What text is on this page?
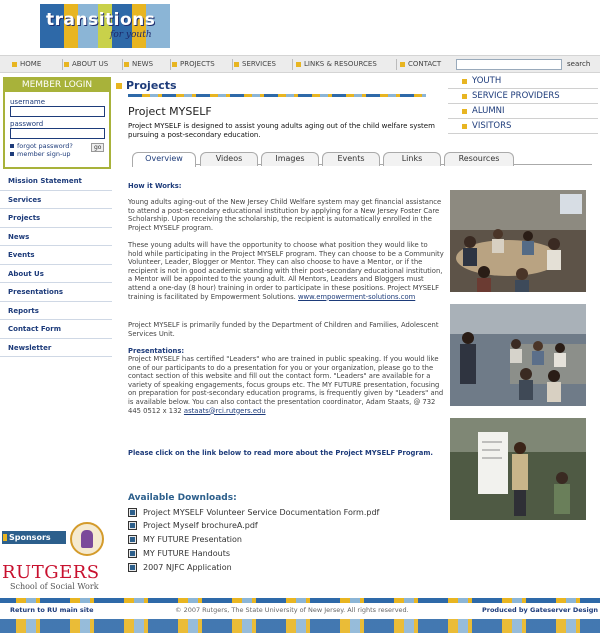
transitions
for youth
HOME	ABOUT US	NEWS	PROJECTS	SERVICES	LINKS & RESOURCES	CONTACT	search
MEMBER LOGIN
username
password
forgot password?
member sign-up
go
Mission Statement
Services
Projects
News
Events
About Us
Presentations
Reports
Contact Form
Newsletter
Sponsors
RUTGERS
School of Social Work
YOUTH
SERVICE PROVIDERS
ALUMNI
VISITORS
Projects
Project MYSELF
Project MYSELF is designed to assist young adults aging out of the child welfare system pursuing a post-secondary education.
Overview	Videos	Images	Events	Links	Resources
How it Works:
Young adults aging-out of the New Jersey Child Welfare system may get financial assistance to attend a post-secondary educational institution by applying for a New Jersey Foster Care Scholarship. Upon receiving the scholarship, the recipient is automatically enrolled in the Project MYSELF program.
These young adults will have the opportunity to choose what position they would like to hold while participating in the Project MYSELF program. They can choose to be a Community Volunteer, Leader, Blogger or Mentor. They can also choose to have a Mentor, or if the recipient is not in good academic standing with their post-secondary educational institution, a Mentor will be appointed to the young adult. All Mentors, Leaders and Bloggers must attend a one-day (8 hour) training in order to participate in these positions. Project MYSELF training is facilitated by Empowerment Solutions. www.empowerment-solutions.com
Project MYSELF is primarily funded by the Department of Children and Families, Adolescent Services Unit.
Presentations:
Project MYSELF has certified "Leaders" who are trained in public speaking. If you would like one of our participants to do a presentation for you or your organization, please go to the contact section of this website and fill out the contact form. "Leaders" are available for a variety of speaking engagements, focus groups etc. The MY FUTURE presentation, focusing on preparation for post-secondary education programs, is frequently given by "Leaders" and is available below. You can also contact the presentation coordinator, Adam Staats, @ 732 445 0512 x 132 astaats@rci.rutgers.edu
Please click on the link below to read more about the Project MYSELF Program.
Available Downloads:
Project MYSELF Volunteer Service Documentation Form.pdf
Project Myself brochureA.pdf
MY FUTURE Presentation
MY FUTURE Handouts
2007 NJFC Application
Return to RU main site	© 2007 Rutgers, The State University of New Jersey. All rights reserved.	Produced by Gateserver Design
